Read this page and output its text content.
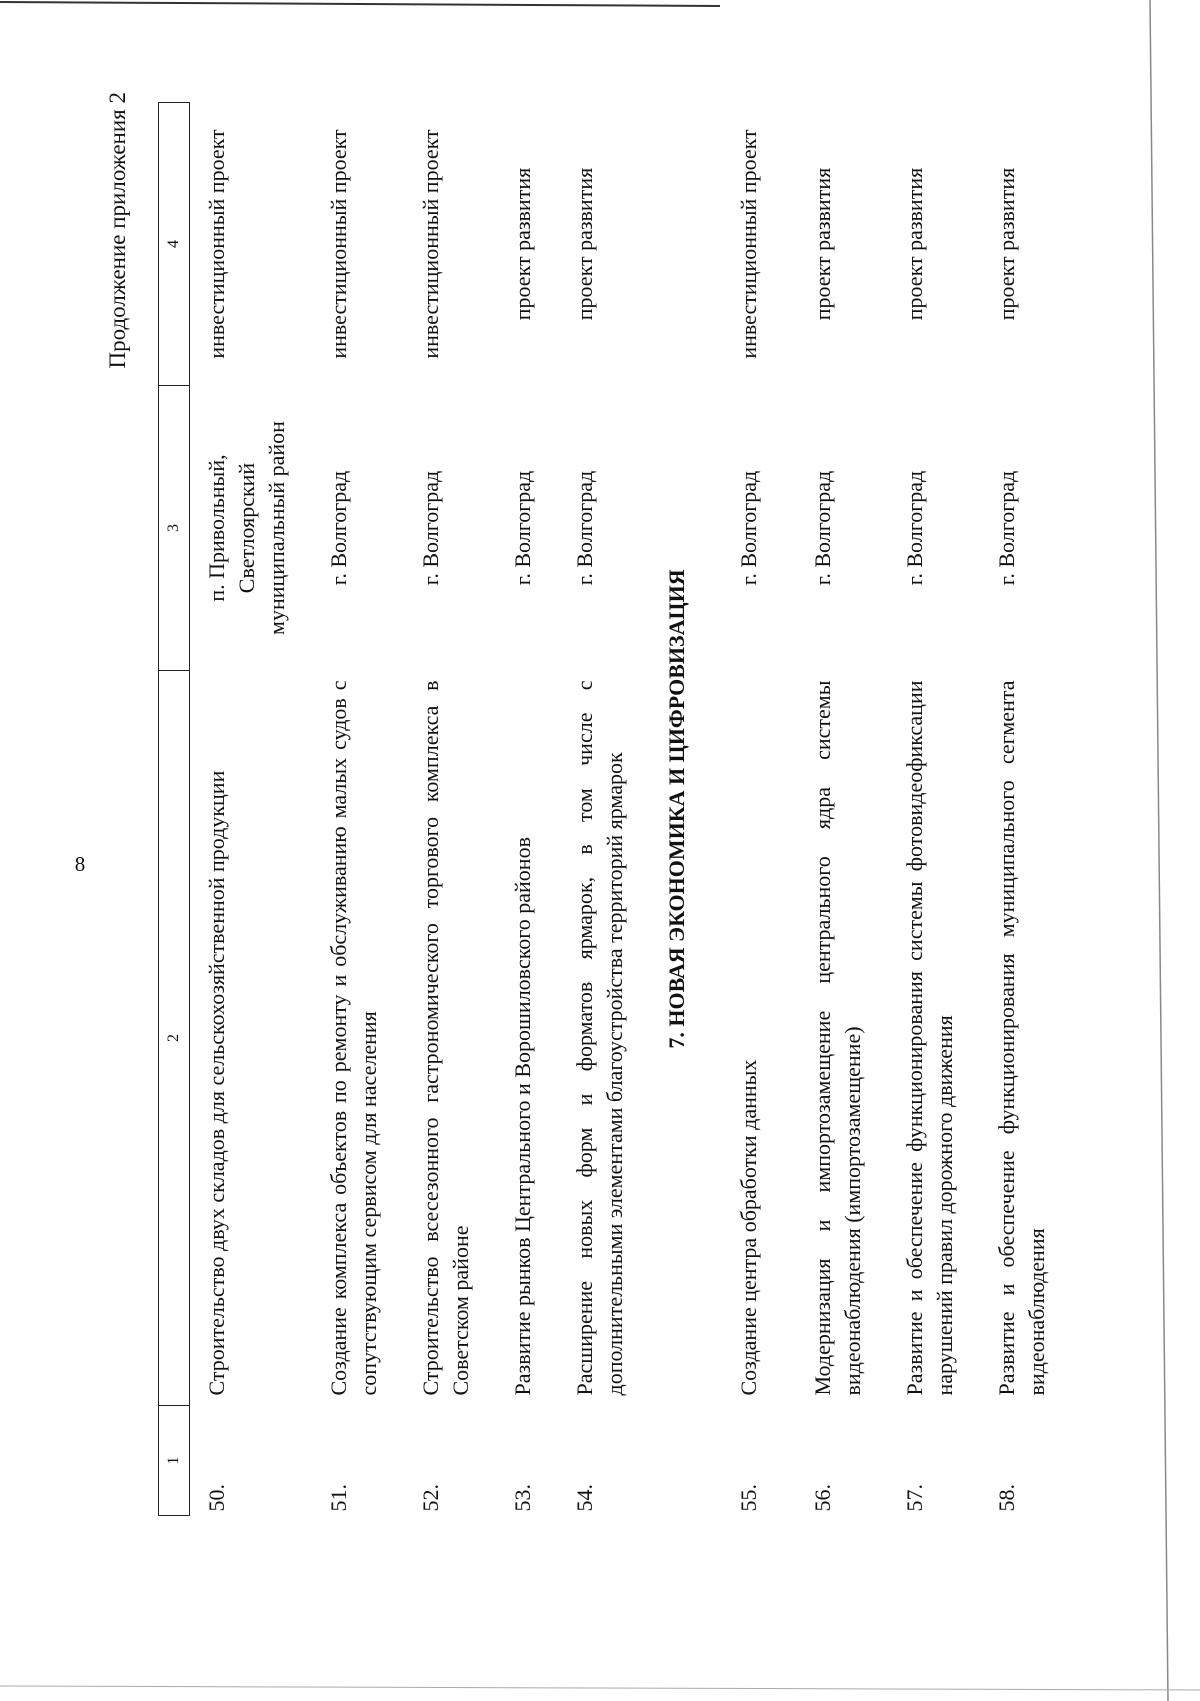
8
Продолжение приложения 2
1	2	3	4
50.	Строительство двух складов для сельскохозяйственной продукции	п. Привольный, Светлоярский муниципальный район	инвестиционный проект
51.	Создание комплекса объектов по ремонту и обслуживанию малых судов с сопутствующим сервисом для населения	г. Волгоград	инвестиционный проект
52.	Строительство всесезонного гастрономического торгового комплекса в Советском районе	г. Волгоград	инвестиционный проект
53.	Развитие рынков Центрального и Ворошиловского районов	г. Волгоград	проект развития
54.	Расширение новых форм и форматов ярмарок, в том числе с дополнительными элементами благоустройства территорий ярмарок	г. Волгоград	проект развития
7. НОВАЯ ЭКОНОМИКА И ЦИФРОВИЗАЦИЯ			
55.	Создание центра обработки данных	г. Волгоград	инвестиционный проект
56.	Модернизация и импортозамещение центрального ядра системы видеонаблюдения (импортозамещение)	г. Волгоград	проект развития
57.	Развитие и обеспечение функционирования системы фотовидеофиксации нарушений правил дорожного движения	г. Волгоград	проект развития
58.	Развитие и обеспечение функционирования муниципального сегмента видеонаблюдения	г. Волгоград	проект развития
